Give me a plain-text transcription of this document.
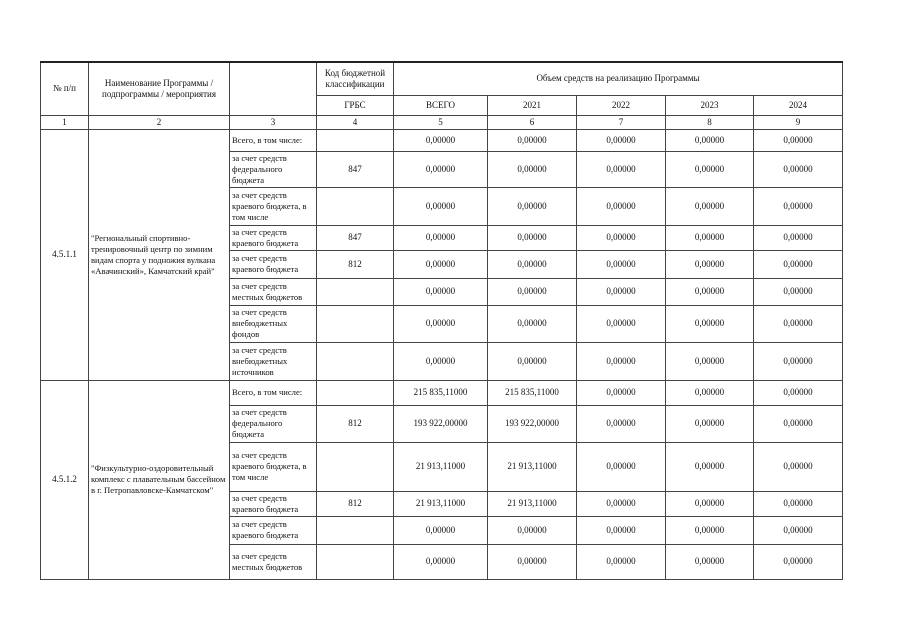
№ п/п	Наименование Программы / подпрограммы / мероприятия		Код бюджетной классификации	Объем средств на реализацию Программы				
			ГРБС	ВСЕГО	2021	2022	2023	2024
1	2	3	4	5	6	7	8	9
4.5.1.1	"Региональный спортивно-тренировочный центр по зимним видам спорта у подножия вулкана «Авачинский», Камчатский край"	Всего, в том числе:		0,00000	0,00000	0,00000	0,00000	0,00000
		за счет средств федерального бюджета	847	0,00000	0,00000	0,00000	0,00000	0,00000
		за счет средств краевого бюджета, в том числе		0,00000	0,00000	0,00000	0,00000	0,00000
		за счет средств краевого бюджета	847	0,00000	0,00000	0,00000	0,00000	0,00000
		за счет средств краевого бюджета	812	0,00000	0,00000	0,00000	0,00000	0,00000
		за счет средств местных бюджетов		0,00000	0,00000	0,00000	0,00000	0,00000
		за счет средств внебюджетных фондов		0,00000	0,00000	0,00000	0,00000	0,00000
		за счет средств внебюджетных источников		0,00000	0,00000	0,00000	0,00000	0,00000
4.5.1.2	"Физкультурно-оздоровительный комплекс с плавательным бассейном в г. Петропавловске-Камчатском"	Всего, в том числе:		215 835,11000	215 835,11000	0,00000	0,00000	0,00000
		за счет средств федерального бюджета	812	193 922,00000	193 922,00000	0,00000	0,00000	0,00000
		за счет средств краевого бюджета, в том числе		21 913,11000	21 913,11000	0,00000	0,00000	0,00000
		за счет средств краевого бюджета	812	21 913,11000	21 913,11000	0,00000	0,00000	0,00000
		за счет средств краевого бюджета		0,00000	0,00000	0,00000	0,00000	0,00000
		за счет средств местных бюджетов		0,00000	0,00000	0,00000	0,00000	0,00000
